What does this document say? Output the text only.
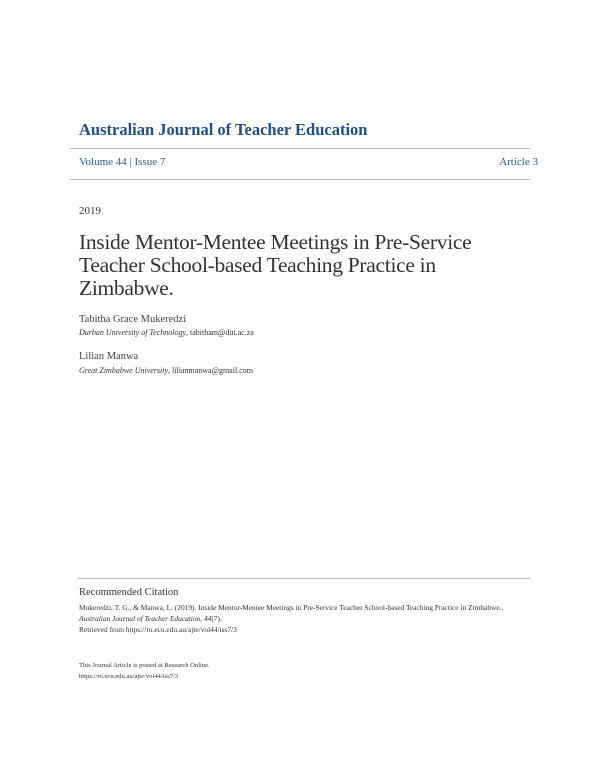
Australian Journal of Teacher Education
Volume 44 | Issue 7	Article 3
2019
Inside Mentor-Mentee Meetings in Pre-Service Teacher School-based Teaching Practice in Zimbabwe.
Tabitha Grace Mukeredzi
Durban University of Technology, tabitham@dut.ac.za
Lilian Manwa
Great Zimbabwe University, lilianmanwa@gmail.com
Recommended Citation
Mukeredzi, T. G., & Manwa, L. (2019). Inside Mentor-Mentee Meetings in Pre-Service Teacher School-based Teaching Practice in Zimbabwe.. Australian Journal of Teacher Education, 44(7).
Retrieved from https://ro.ecu.edu.au/ajte/vol44/iss7/3
This Journal Article is posted at Research Online.
https://ro.ecu.edu.au/ajte/vol44/iss7/3
